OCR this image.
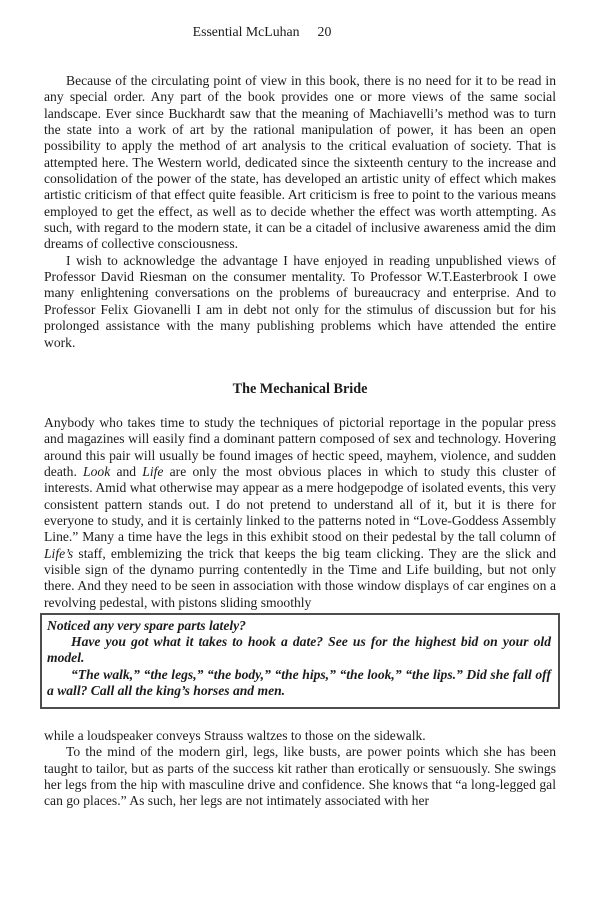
Essential McLuhan 20

Because of the circulating point of view in this book, there is no need for it to be read in any special order. Any part of the book provides one or more views of the same social landscape. Ever since Buckhardt saw that the meaning of Machiavelli’s method was to turn the state into a work of art by the rational manipulation of power, it has been an open possibility to apply the method of art analysis to the critical evaluation of society. That is attempted here. The Western world, dedicated since the sixteenth century to the increase and consolidation of the power of the state, has developed an artistic unity of effect which makes artistic criticism of that effect quite feasible. Art criticism is free to point to the various means employed to get the effect, as well as to decide whether the effect was worth attempting. As such, with regard to the modern state, it can be a citadel of inclusive awareness amid the dim dreams of collective consciousness.

I wish to acknowledge the advantage I have enjoyed in reading unpublished views of Professor David Riesman on the consumer mentality. To Professor W.T.Easterbrook I owe many enlightening conversations on the problems of bureaucracy and enterprise. And to Professor Felix Giovanelli I am in debt not only for the stimulus of discussion but for his prolonged assistance with the many publishing problems which have attended the entire work.

The Mechanical Bride

Anybody who takes time to study the techniques of pictorial reportage in the popular press and magazines will easily find a dominant pattern composed of sex and technology. Hovering around this pair will usually be found images of hectic speed, mayhem, violence, and sudden death. Look and Life are only the most obvious places in which to study this cluster of interests. Amid what otherwise may appear as a mere hodgepodge of isolated events, this very consistent pattern stands out. I do not pretend to understand all of it, but it is there for everyone to study, and it is certainly linked to the patterns noted in “Love-Goddess Assembly Line.” Many a time have the legs in this exhibit stood on their pedestal by the tall column of Life’s staff, emblemizing the trick that keeps the big team clicking. They are the slick and visible sign of the dynamo purring contentedly in the Time and Life building, but not only there. And they need to be seen in association with those window displays of car engines on a revolving pedestal, with pistons sliding smoothly

Noticed any very spare parts lately?

Have you got what it takes to hook a date? See us for the highest bid on your old model.

“The walk,” “the legs,” “the body,” “the hips,” “the look,” “the lips.” Did she fall off a wall? Call all the king’s horses and men.

while a loudspeaker conveys Strauss waltzes to those on the sidewalk.

To the mind of the modern girl, legs, like busts, are power points which she has been taught to tailor, but as parts of the success kit rather than erotically or sensuously. She swings her legs from the hip with masculine drive and confidence. She knows that “a long-legged gal can go places.” As such, her legs are not intimately associated with her
